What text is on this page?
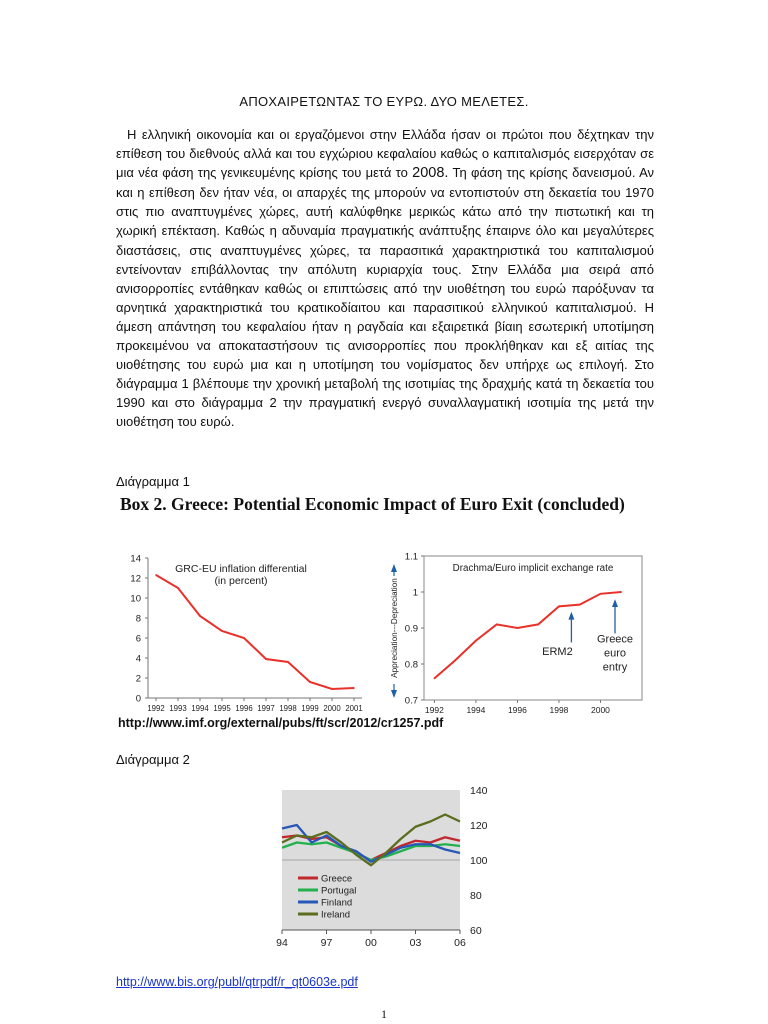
ΑΠΟΧΑΙΡΕΤΩΝΤΑΣ ΤΟ ΕΥΡΩ. ΔΥΟ ΜΕΛΕΤΕΣ.
Η ελληνική οικονομία και οι εργαζόμενοι στην Ελλάδα ήσαν οι πρώτοι που δέχτηκαν την επίθεση του διεθνούς αλλά και του εγχώριου κεφαλαίου καθώς ο καπιταλισμός εισερχόταν σε μια νέα φάση της γενικευμένης κρίσης του μετά το 2008. Τη φάση της κρίσης δανεισμού. Αν και η επίθεση δεν ήταν νέα, οι απαρχές της μπορούν να εντοπιστούν στη δεκαετία του 1970 στις πιο αναπτυγμένες χώρες, αυτή καλύφθηκε μερικώς κάτω από την πιστωτική και τη χωρική επέκταση. Καθώς η αδυναμία πραγματικής ανάπτυξης έπαιρνε όλο και μεγαλύτερες διαστάσεις, στις αναπτυγμένες χώρες, τα παρασιτικά χαρακτηριστικά του καπιταλισμού εντείνονταν επιβάλλοντας την απόλυτη κυριαρχία τους. Στην Ελλάδα μια σειρά από ανισορροπίες εντάθηκαν καθώς οι επιπτώσεις από την υιοθέτηση του ευρώ παρόξυναν τα αρνητικά χαρακτηριστικά του κρατικοδίαιτου και παρασιτικού ελληνικού καπιταλισμού. Η άμεση απάντηση του κεφαλαίου ήταν η ραγδαία και εξαιρετικά βίαιη εσωτερική υποτίμηση προκειμένου να αποκαταστήσουν τις ανισορροπίες που προκλήθηκαν και εξ αιτίας της υιοθέτησης του ευρώ μια και η υποτίμηση του νομίσματος δεν υπήρχε ως επιλογή. Στο διάγραμμα 1 βλέπουμε την χρονική μεταβολή της ισοτιμίας της δραχμής κατά τη δεκαετία του 1990 και στο διάγραμμα 2 την πραγματική ενεργό συναλλαγματική ισοτιμία της μετά την υιοθέτηση του ευρώ.
Διάγραμμα 1
Box 2. Greece: Potential Economic Impact of Euro Exit (concluded)
0
2
4
6
8
10
12
14
1992 1993 1994 1995 1996 1997 1998 1999 2000 2001
GRC-EU inflation differential
(in percent)
0.7
0.8
0.9
1
1.1
1992	1994	1996	1998	2000
Drachma/Euro implicit exchange rate
Appreciation---Depreciation	ERM2
Greece
euro
entry
http://www.imf.org/external/pubs/ft/scr/2012/cr1257.pdf
Διάγραμμα 2
60
80
100
120
140
94	97	00	03	06
Greece
Portugal
Finland
Ireland
http://www.bis.org/publ/qtrpdf/r_qt0603e.pdf
1
